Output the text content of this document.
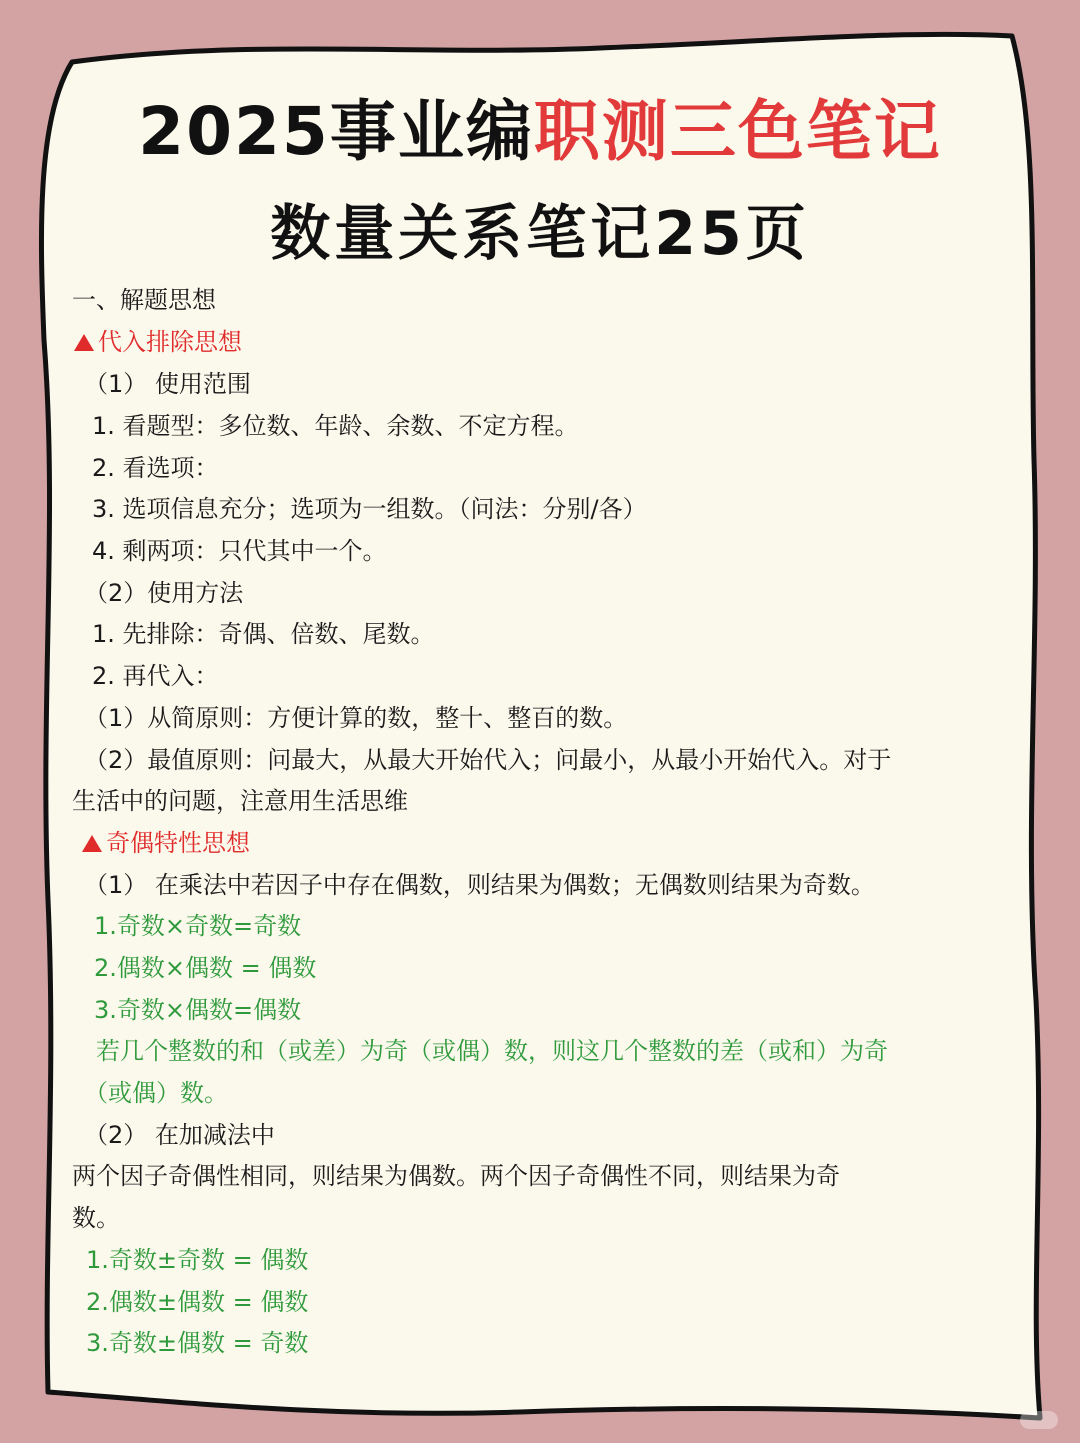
2025事业编职测三色笔记
数量关系笔记25页
一、解题思想
代入排除思想
（1） 使用范围
1. 看题型：多位数、年龄、余数、不定方程。
2. 看选项：
3. 选项信息充分；选项为一组数。（问法：分别/各）
4. 剩两项：只代其中一个。
（2）使用方法
1. 先排除：奇偶、倍数、尾数。
2. 再代入：
（1）从简原则：方便计算的数，整十、整百的数。
（2）最值原则：问最大，从最大开始代入；问最小，从最小开始代入。对于
生活中的问题，注意用生活思维
奇偶特性思想
（1） 在乘法中若因子中存在偶数，则结果为偶数；无偶数则结果为奇数。
1.奇数×奇数=奇数
2.偶数×偶数 = 偶数
3.奇数×偶数=偶数
若几个整数的和（或差）为奇（或偶）数，则这几个整数的差（或和）为奇
（或偶）数。
（2） 在加减法中
两个因子奇偶性相同，则结果为偶数。两个因子奇偶性不同，则结果为奇
数。
1.奇数±奇数 = 偶数
2.偶数±偶数 = 偶数
3.奇数±偶数 = 奇数
